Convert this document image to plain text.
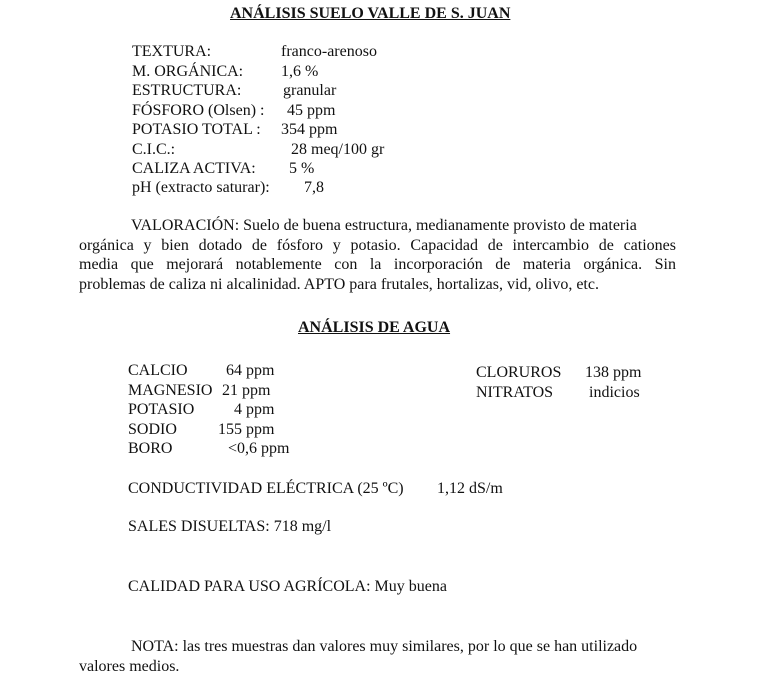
ANÁLISIS SUELO VALLE DE S. JUAN
TEXTURA:	franco-arenoso
M. ORGÁNICA: 1,6 %
ESTRUCTURA:	granular
FÓSFORO (Olsen) : 45 ppm
POTASIO TOTAL : 354 ppm
C.I.C.:	28 meq/100 gr
CALIZA ACTIVA: 5 %
pH (extracto saturar): 7,8
VALORACIÓN: Suelo de buena estructura, medianamente provisto de materia
orgánica y bien dotado de fósforo y potasio. Capacidad de intercambio de cationes
media que mejorará notablemente con la incorporación de materia orgánica. Sin
problemas de caliza ni alcalinidad. APTO para frutales, hortalizas, vid, olivo, etc.
ANÁLISIS DE AGUA
CALCIO 64 ppm
MAGNESIO 21 ppm
POTASIO 4 ppm
SODIO	155 ppm
BORO	<0,6 ppm
CLORUROS 138 ppm
NITRATOS indicios
CONDUCTIVIDAD ELÉCTRICA (25 ºC) 1,12 dS/m
SALES DISUELTAS: 718 mg/l
CALIDAD PARA USO AGRÍCOLA: Muy buena
NOTA: las tres muestras dan valores muy similares, por lo que se han utilizado
valores medios.
